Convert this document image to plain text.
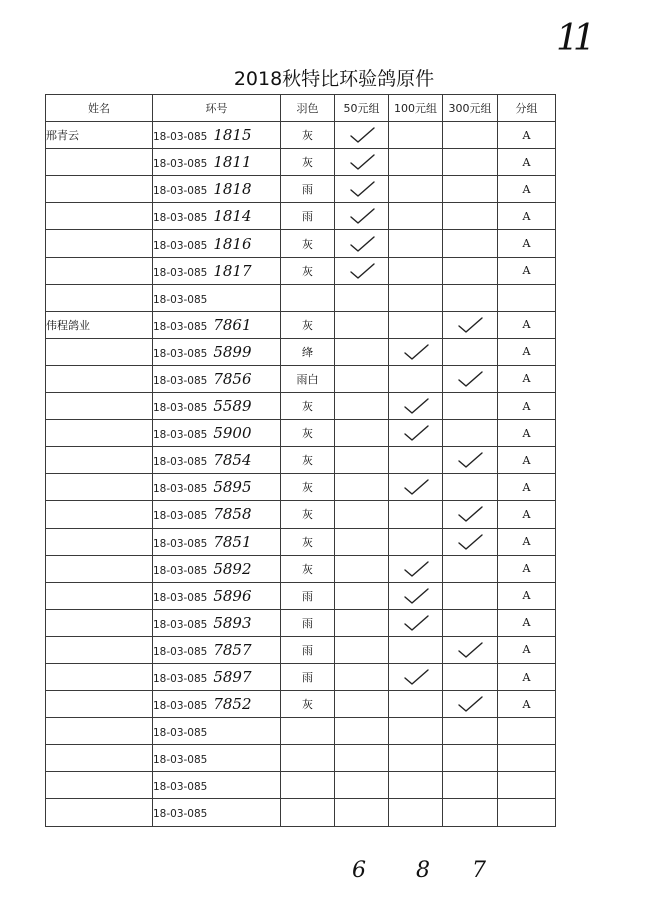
11
2018秋特比环验鸽原件
姓名	环号	羽色	50元组	100元组	300元组	分组
邢青云	18-03-085 1815	灰				A
	18-03-085 1811	灰				A
	18-03-085 1818	雨				A
	18-03-085 1814	雨				A
	18-03-085 1816	灰				A
	18-03-085 1817	灰				A
	18-03-085					
伟程鸽业	18-03-085 7861	灰				A
	18-03-085 5899	绛				A
	18-03-085 7856	雨白				A
	18-03-085 5589	灰				A
	18-03-085 5900	灰				A
	18-03-085 7854	灰				A
	18-03-085 5895	灰				A
	18-03-085 7858	灰				A
	18-03-085 7851	灰				A
	18-03-085 5892	灰				A
	18-03-085 5896	雨				A
	18-03-085 5893	雨				A
	18-03-085 7857	雨				A
	18-03-085 5897	雨				A
	18-03-085 7852	灰				A
	18-03-085					
	18-03-085					
	18-03-085					
	18-03-085					
6 8 7
